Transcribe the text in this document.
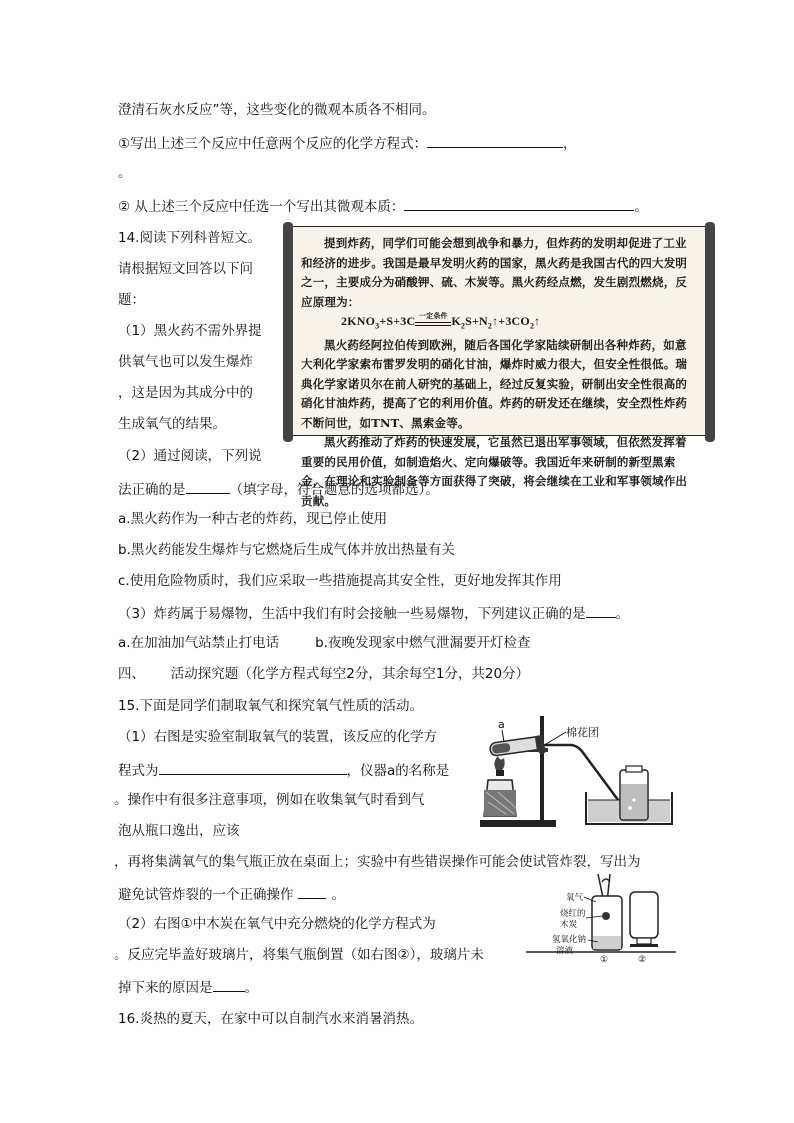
澄清石灰水反应”等，这些变化的微观本质各不相同。
①写出上述三个反应中任意两个反应的化学方程式：	，
。
② 从上述三个反应中任选一个写出其微观本质：	。
14.阅读下列科普短文。
请根据短文回答以下问
题：
（1）黑火药不需外界提
供氧气也可以发生爆炸
，这是因为其成分中的
生成氧气的结果。
（2）通过阅读，下列说

提到炸药，同学们可能会想到战争和暴力，但炸药的发明却促进了工业和经济的进步。我国是最早发明火药的国家，黑火药是我国古代的四大发明之一，主要成分为硝酸钾、硫、木炭等。黑火药经点燃，发生剧烈燃烧，反应原理为：

$2KNO_3+S+3C$ 一定条件 $K_2S+N_2↑+3CO_2↑$

黑火药经阿拉伯传到欧洲，随后各国化学家陆续研制出各种炸药，如意大利化学家索布雷罗发明的硝化甘油，爆炸时威力很大，但安全性很低。瑞典化学家诺贝尔在前人研究的基础上，经过反复实验，研制出安全性很高的硝化甘油炸药，提高了它的利用价值。炸药的研发还在继续，安全烈性炸药不断问世，如TNT、黑索金等。

黑火药推动了炸药的快速发展，它虽然已退出军事领域，但依然发挥着重要的民用价值，如制造焰火、定向爆破等。我国近年来研制的新型黑索金，在理论和实验制备等方面获得了突破，将会继续在工业和军事领域作出贡献。

法正确的是	（填字母，符合题意的选项都选）。
a.黑火药作为一种古老的炸药，现已停止使用
b.黑火药能发生爆炸与它燃烧后生成气体并放出热量有关
c.使用危险物质时，我们应采取一些措施提高其安全性，更好地发挥其作用
（3）炸药属于易爆物，生活中我们有时会接触一些易爆物，下列建议正确的是 。
a.在加油加气站禁止打电话	b.夜晚发现家中燃气泄漏要开灯检查
四、      活动探究题（化学方程式每空2分，其余每空1分，共20分）
15.下面是同学们制取氧气和探究氧气性质的活动。
（1）右图是实验室制取氧气的装置，该反应的化学方
程式为	，仪器a的名称是
。操作中有很多注意事项，例如在收集氧气时看到气
泡从瓶口逸出，应该
，再将集满氧气的集气瓶正放在桌面上；实验中有些错误操作可能会使试管炸裂，写出为
避免试管炸裂的一个正确操作	。
（2）右图①中木炭在氧气中充分燃烧的化学方程式为
。反应完毕盖好玻璃片，将集气瓶倒置（如右图②），玻璃片未
掉下来的原因是 。
16.炎热的夏天，在家中可以自制汽水来消暑消热。
a
棉花团
氧气
烧红的
木炭
氢氧化钠
溶液
①	②
